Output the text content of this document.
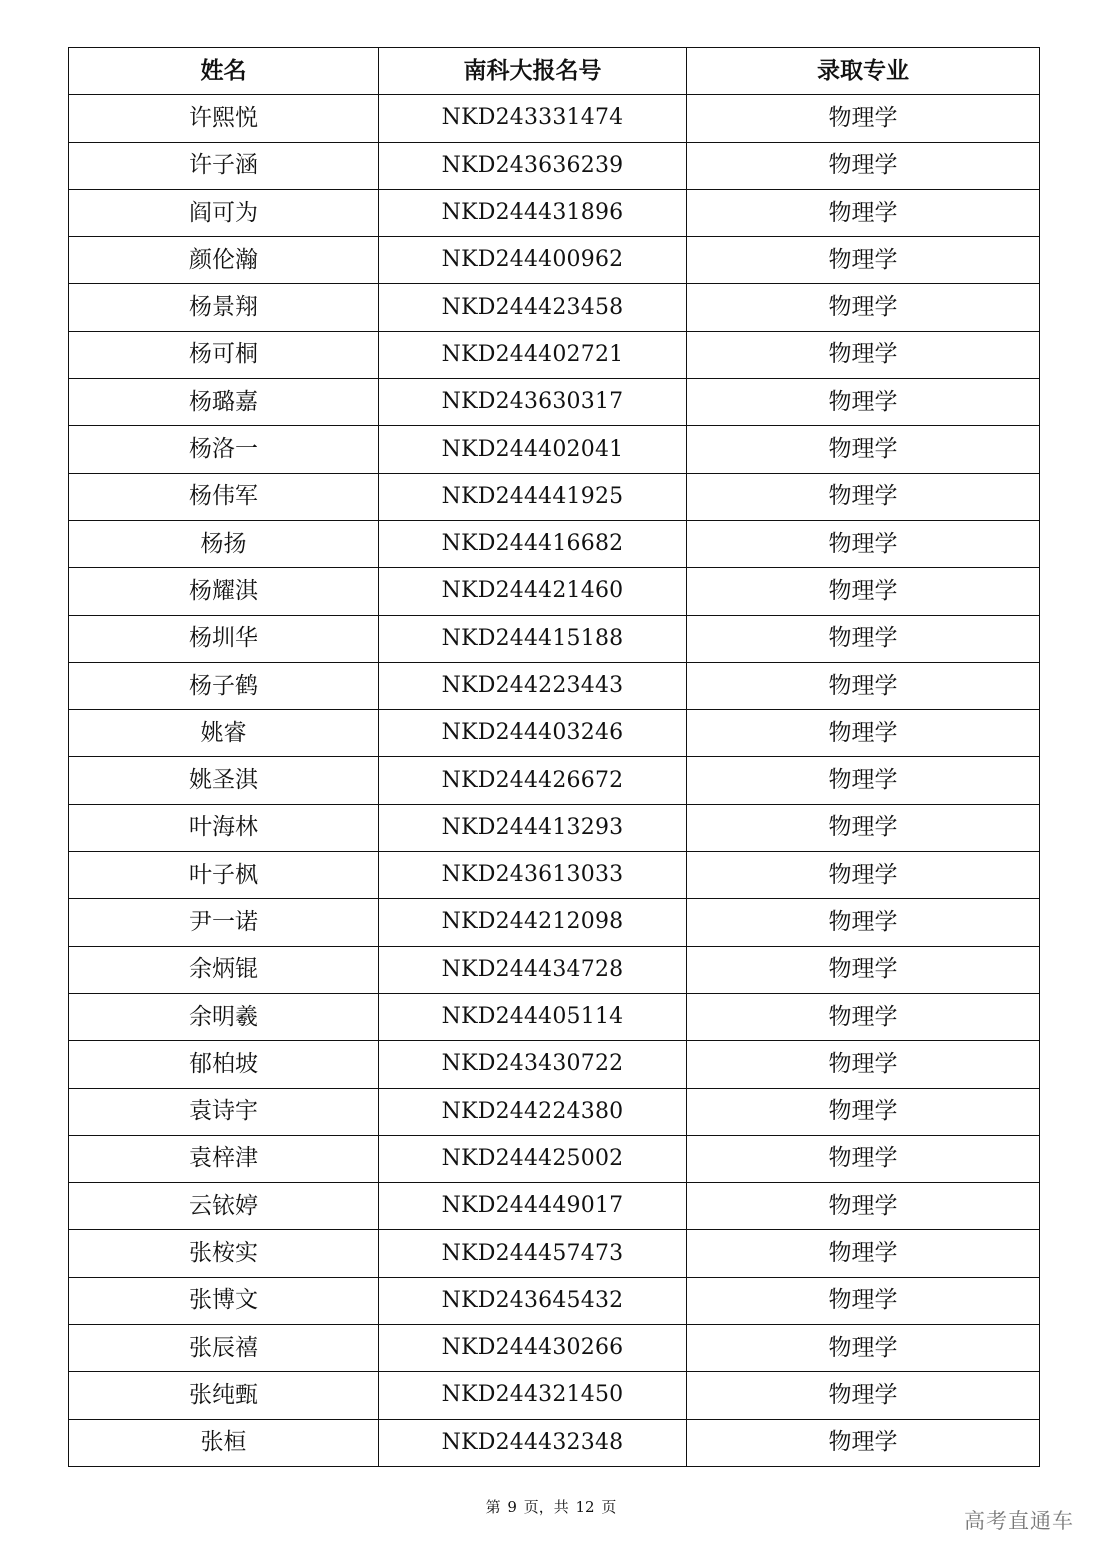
姓名	南科大报名号	录取专业
许熙悦	NKD243331474	物理学
许子涵	NKD243636239	物理学
阎可为	NKD244431896	物理学
颜伦瀚	NKD244400962	物理学
杨景翔	NKD244423458	物理学
杨可桐	NKD244402721	物理学
杨璐嘉	NKD243630317	物理学
杨洛一	NKD244402041	物理学
杨伟军	NKD244441925	物理学
杨扬	NKD244416682	物理学
杨耀淇	NKD244421460	物理学
杨圳华	NKD244415188	物理学
杨子鹤	NKD244223443	物理学
姚睿	NKD244403246	物理学
姚圣淇	NKD244426672	物理学
叶海林	NKD244413293	物理学
叶子枫	NKD243613033	物理学
尹一诺	NKD244212098	物理学
余炳锟	NKD244434728	物理学
余明羲	NKD244405114	物理学
郁柏坡	NKD243430722	物理学
袁诗宇	NKD244224380	物理学
袁梓津	NKD244425002	物理学
云铱婷	NKD244449017	物理学
张桉实	NKD244457473	物理学
张博文	NKD243645432	物理学
张辰禧	NKD244430266	物理学
张纯甄	NKD244321450	物理学
张桓	NKD244432348	物理学
第 9 页，共 12 页
高考直通车
